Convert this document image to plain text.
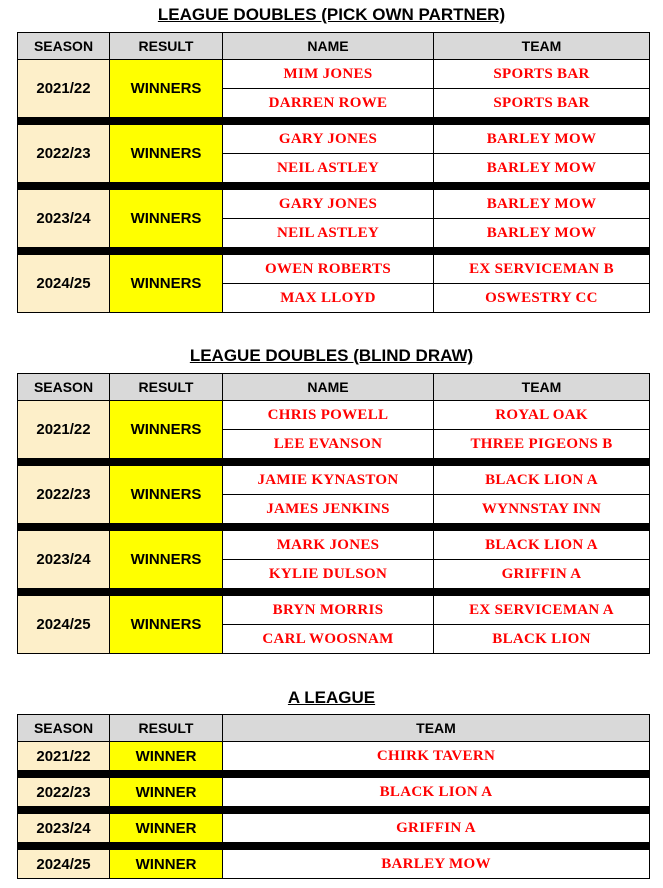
LEAGUE DOUBLES (PICK OWN PARTNER)
SEASON	RESULT	NAME	TEAM
2021/22	WINNERS	MIM JONES	SPORTS BAR
		DARREN ROWE	SPORTS BAR

2022/23	WINNERS	GARY JONES	BARLEY MOW
		NEIL ASTLEY	BARLEY MOW

2023/24	WINNERS	GARY JONES	BARLEY MOW
		NEIL ASTLEY	BARLEY MOW

2024/25	WINNERS	OWEN ROBERTS	EX SERVICEMAN B
		MAX LLOYD	OSWESTRY CC
LEAGUE DOUBLES (BLIND DRAW)
SEASON	RESULT	NAME	TEAM
2021/22	WINNERS	CHRIS POWELL	ROYAL OAK
		LEE EVANSON	THREE PIGEONS B

2022/23	WINNERS	JAMIE KYNASTON	BLACK LION A
		JAMES JENKINS	WYNNSTAY INN

2023/24	WINNERS	MARK JONES	BLACK LION A
		KYLIE DULSON	GRIFFIN A

2024/25	WINNERS	BRYN MORRIS	EX SERVICEMAN A
		CARL WOOSNAM	BLACK LION
A LEAGUE
SEASON	RESULT	TEAM
2021/22	WINNER	CHIRK TAVERN

2022/23	WINNER	BLACK LION A

2023/24	WINNER	GRIFFIN A

2024/25	WINNER	BARLEY MOW
